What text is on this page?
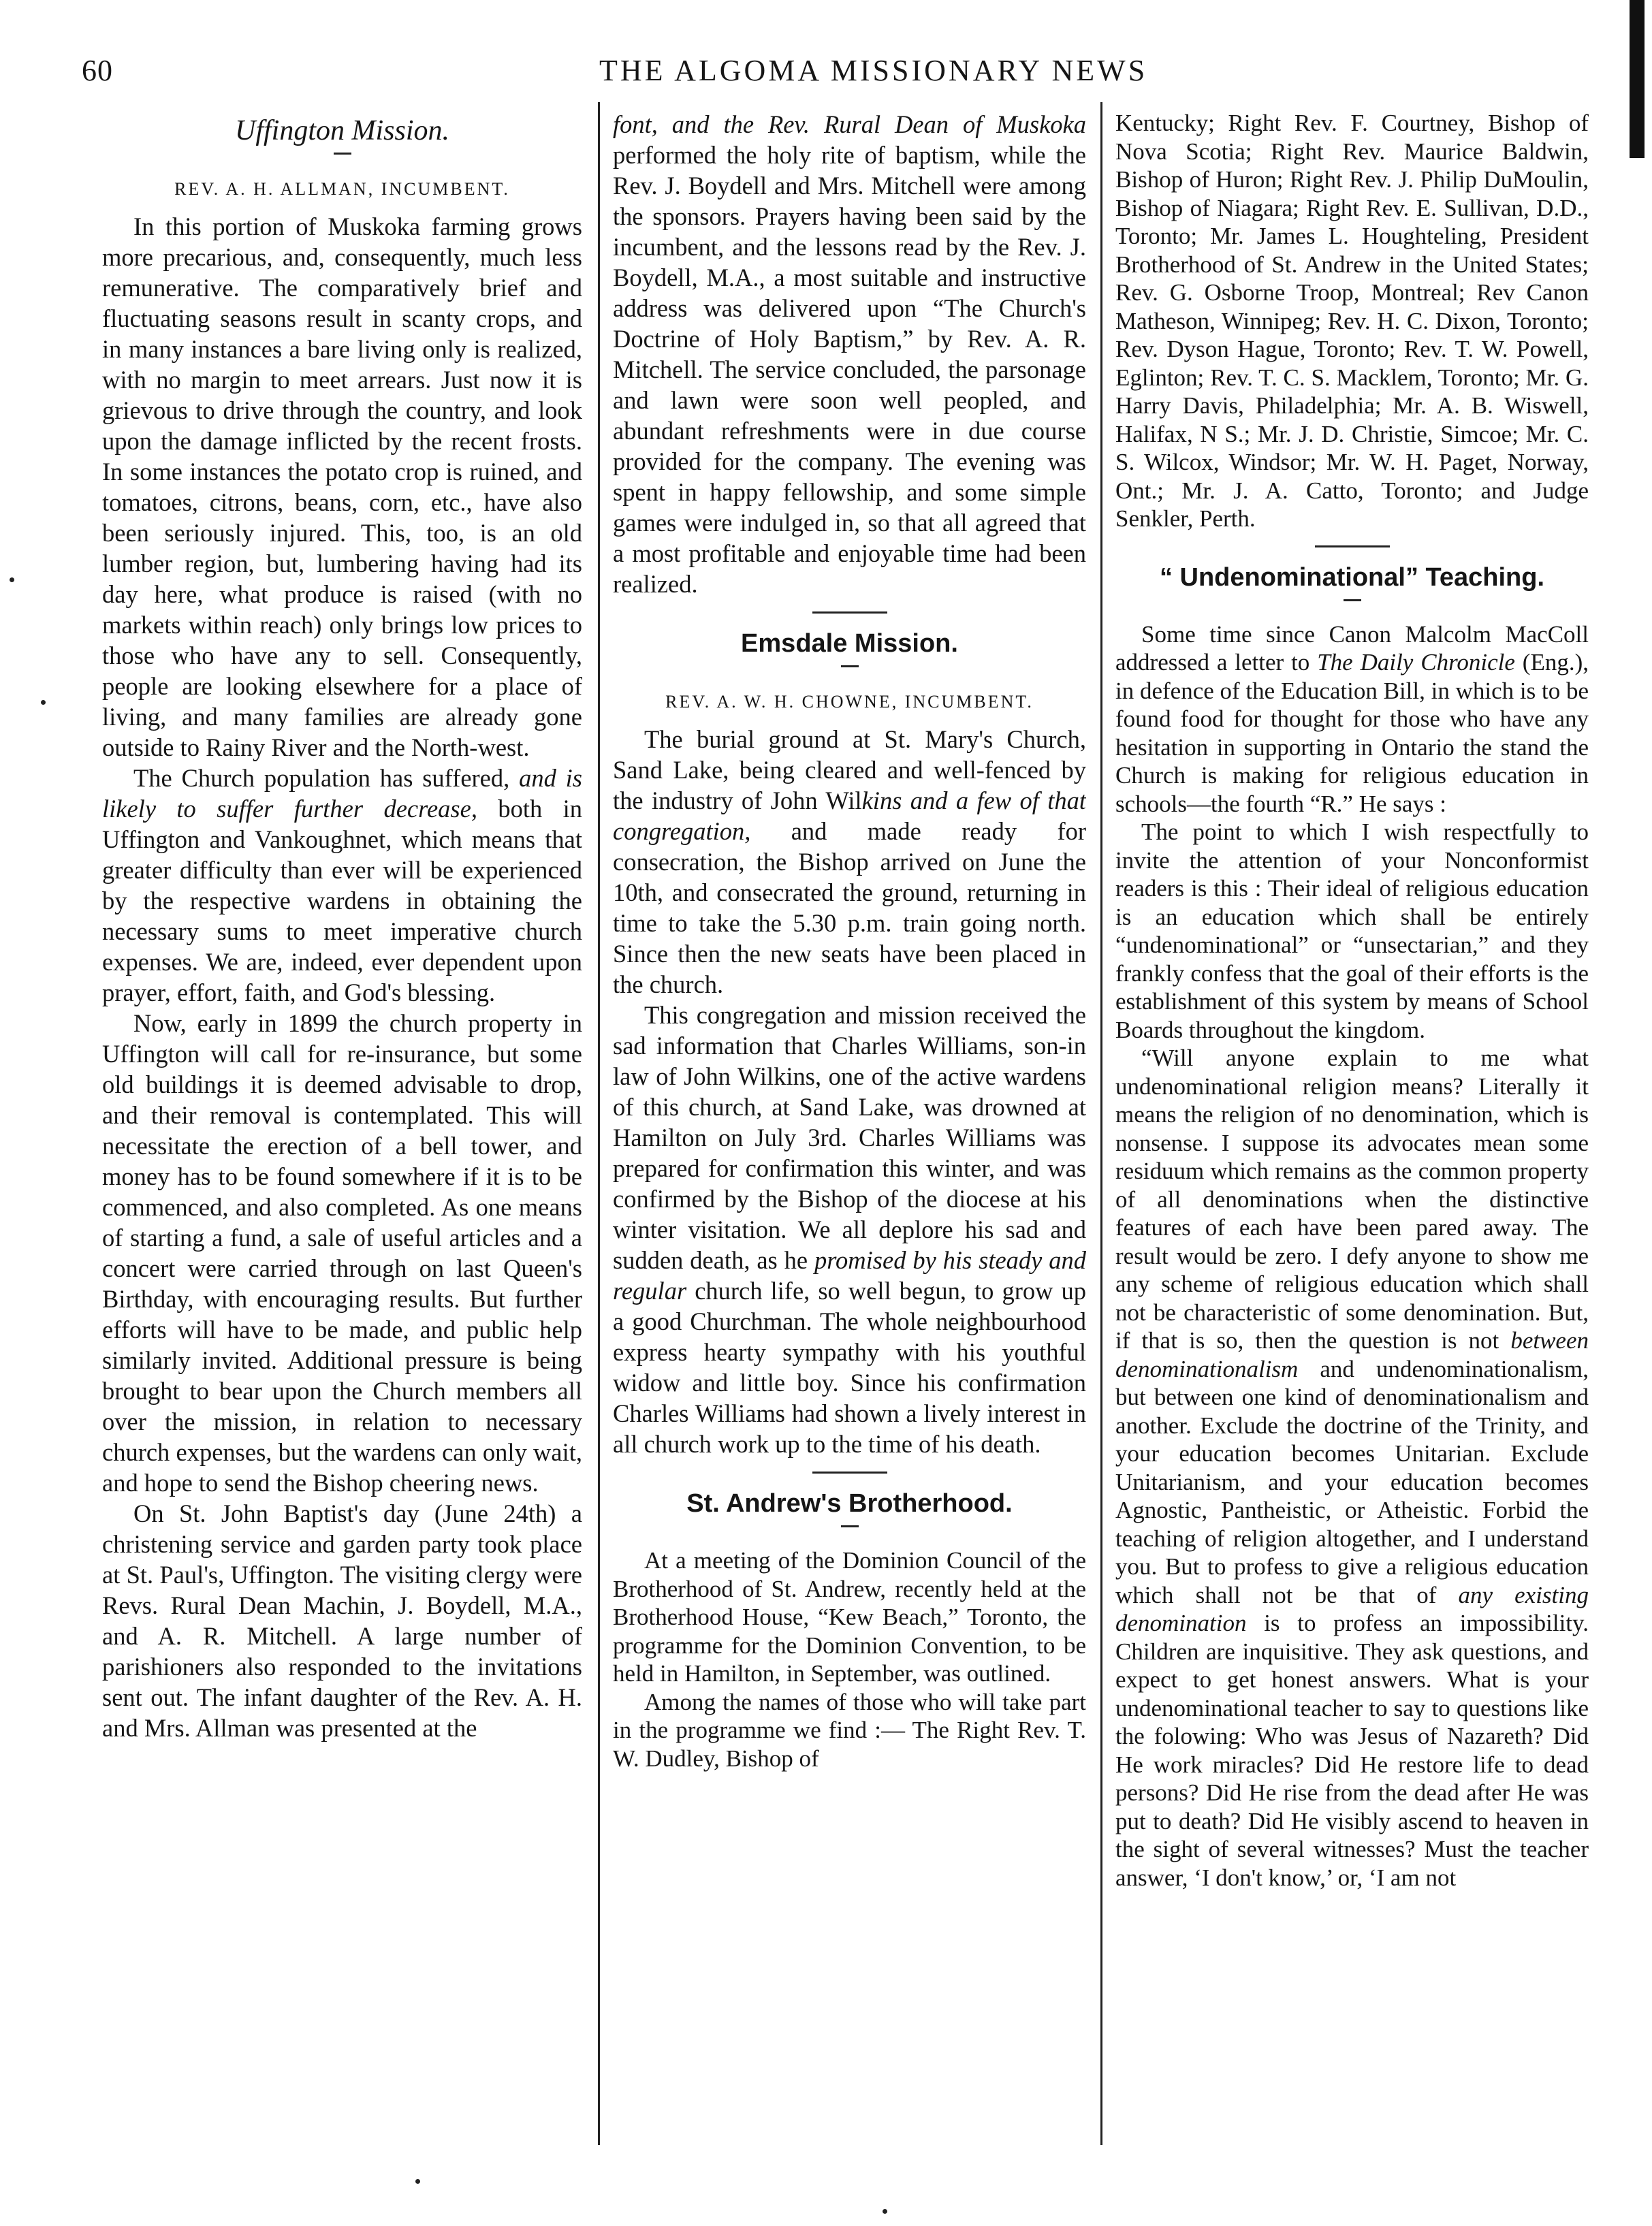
60	THE ALGOMA MISSIONARY NEWS
Uffington Mission.
REV. A. H. ALLMAN, INCUMBENT.

In this portion of Muskoka farming grows more precarious, and, consequently, much less remunerative. The comparatively brief and fluctuating seasons result in scanty crops, and in many instances a bare living only is realized, with no margin to meet arrears. Just now it is grievous to drive through the country, and look upon the damage inflicted by the recent frosts. In some instances the potato crop is ruined, and tomatoes, citrons, beans, corn, etc., have also been seriously injured. This, too, is an old lumber region, but, lumbering having had its day here, what produce is raised (with no markets within reach) only brings low prices to those who have any to sell. Consequently, people are looking elsewhere for a place of living, and many families are already gone outside to Rainy River and the North-west.

The Church population has suffered, and is likely to suffer further decrease, both in Uffington and Vankoughnet, which means that greater difficulty than ever will be experienced by the respective wardens in obtaining the necessary sums to meet imperative church expenses. We are, indeed, ever dependent upon prayer, effort, faith, and God's blessing.

Now, early in 1899 the church property in Uffington will call for re-insurance, but some old buildings it is deemed advisable to drop, and their removal is contemplated. This will necessitate the erection of a bell tower, and money has to be found somewhere if it is to be commenced, and also completed. As one means of starting a fund, a sale of useful articles and a concert were carried through on last Queen's Birthday, with encouraging results. But further efforts will have to be made, and public help similarly invited. Additional pressure is being brought to bear upon the Church members all over the mission, in relation to necessary church expenses, but the wardens can only wait, and hope to send the Bishop cheering news.

On St. John Baptist's day (June 24th) a christening service and garden party took place at St. Paul's, Uffington. The visiting clergy were Revs. Rural Dean Machin, J. Boydell, M.A., and A. R. Mitchell. A large number of parishioners also responded to the invitations sent out. The infant daughter of the Rev. A. H. and Mrs. Allman was presented at the

font, and the Rev. Rural Dean of Muskoka performed the holy rite of baptism, while the Rev. J. Boydell and Mrs. Mitchell were among the sponsors. Prayers having been said by the incumbent, and the lessons read by the Rev. J. Boydell, M.A., a most suitable and instructive address was delivered upon “The Church's Doctrine of Holy Baptism,” by Rev. A. R. Mitchell. The service concluded, the parsonage and lawn were soon well peopled, and abundant refreshments were in due course provided for the company. The evening was spent in happy fellowship, and some simple games were indulged in, so that all agreed that a most profitable and enjoyable time had been realized.

Emsdale Mission.
REV. A. W. H. CHOWNE, INCUMBENT.

The burial ground at St. Mary's Church, Sand Lake, being cleared and well-fenced by the industry of John Wilkins and a few of that congregation, and made ready for consecration, the Bishop arrived on June the 10th, and consecrated the ground, returning in time to take the 5.30 p.m. train going north. Since then the new seats have been placed in the church.

This congregation and mission received the sad information that Charles Williams, son-in law of John Wilkins, one of the active wardens of this church, at Sand Lake, was drowned at Hamilton on July 3rd. Charles Williams was prepared for confirmation this winter, and was confirmed by the Bishop of the diocese at his winter visitation. We all deplore his sad and sudden death, as he promised by his steady and regular church life, so well begun, to grow up a good Churchman. The whole neighbourhood express hearty sympathy with his youthful widow and little boy. Since his confirmation Charles Williams had shown a lively interest in all church work up to the time of his death.

St. Andrew's Brotherhood.

At a meeting of the Dominion Council of the Brotherhood of St. Andrew, recently held at the Brotherhood House, “Kew Beach,” Toronto, the programme for the Dominion Convention, to be held in Hamilton, in September, was outlined.

Among the names of those who will take part in the programme we find :— The Right Rev. T. W. Dudley, Bishop of

Kentucky; Right Rev. F. Courtney, Bishop of Nova Scotia; Right Rev. Maurice Baldwin, Bishop of Huron; Right Rev. J. Philip DuMoulin, Bishop of Niagara; Right Rev. E. Sullivan, D.D., Toronto; Mr. James L. Houghteling, President Brotherhood of St. Andrew in the United States; Rev. G. Osborne Troop, Montreal; Rev Canon Matheson, Winnipeg; Rev. H. C. Dixon, Toronto; Rev. Dyson Hague, Toronto; Rev. T. W. Powell, Eglinton; Rev. T. C. S. Macklem, Toronto; Mr. G. Harry Davis, Philadelphia; Mr. A. B. Wiswell, Halifax, N S.; Mr. J. D. Christie, Simcoe; Mr. C. S. Wilcox, Windsor; Mr. W. H. Paget, Norway, Ont.; Mr. J. A. Catto, Toronto; and Judge Senkler, Perth.

“ Undenominational” Teaching.

Some time since Canon Malcolm MacColl addressed a letter to The Daily Chronicle (Eng.), in defence of the Education Bill, in which is to be found food for thought for those who have any hesitation in supporting in Ontario the stand the Church is making for religious education in schools—the fourth “R.” He says :

The point to which I wish respectfully to invite the attention of your Nonconformist readers is this : Their ideal of religious education is an education which shall be entirely “undenominational” or “unsectarian,” and they frankly confess that the goal of their efforts is the establishment of this system by means of School Boards throughout the kingdom.

“Will anyone explain to me what undenominational religion means? Literally it means the religion of no denomination, which is nonsense. I suppose its advocates mean some residuum which remains as the common property of all denominations when the distinctive features of each have been pared away. The result would be zero. I defy anyone to show me any scheme of religious education which shall not be characteristic of some denomination. But, if that is so, then the question is not between denominationalism and undenominationalism, but between one kind of denominationalism and another. Exclude the doctrine of the Trinity, and your education becomes Unitarian. Exclude Unitarianism, and your education becomes Agnostic, Pantheistic, or Atheistic. Forbid the teaching of religion altogether, and I understand you. But to profess to give a religious education which shall not be that of any existing denomination is to profess an impossibility. Children are inquisitive. They ask questions, and expect to get honest answers. What is your undenominational teacher to say to questions like the folowing: Who was Jesus of Nazareth? Did He work miracles? Did He restore life to dead persons? Did He rise from the dead after He was put to death? Did He visibly ascend to heaven in the sight of several witnesses? Must the teacher answer, ‘I don't know,’ or, ‘I am not
